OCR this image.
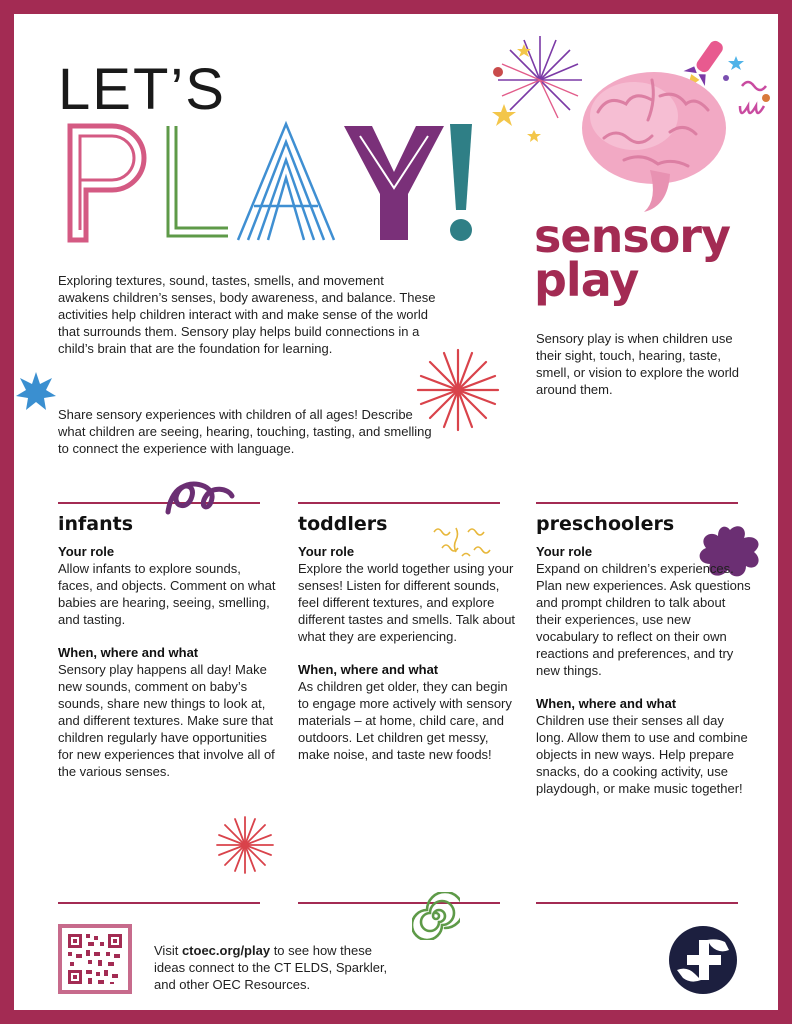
LET’S
Exploring textures, sound, tastes, smells, and movement awakens children’s senses, body awareness, and balance. These activities help children interact with and make sense of the world that surrounds them. Sensory play helps build connections in a child’s brain that are the foundation for learning.
Share sensory experiences with children of all ages! Describe what children are seeing, hearing, touching, tasting, and smelling to connect the experience with language.
sensory
play
Sensory play is when children use their sight, touch, hearing, taste, smell, or vision to explore the world around them.
infants
Your role

Allow infants to explore sounds, faces, and objects. Comment on what babies are hearing, seeing, smelling, and tasting.

When, where and what

Sensory play happens all day! Make new sounds, comment on baby’s sounds, share new things to look at, and different textures. Make sure that children regularly have opportunities for new experiences that involve all of the various senses.

toddlers
Your role

Explore the world together using your senses! Listen for different sounds, feel different textures, and explore different tastes and smells. Talk about what they are experiencing.

When, where and what

As children get older, they can begin to engage more actively with sensory materials – at home, child care, and outdoors. Let children get messy, make noise, and taste new foods!

preschoolers
Your role

Expand on children’s experiences. Plan new experiences. Ask questions and prompt children to talk about their experiences, use new vocabulary to reflect on their own reactions and preferences, and try new things.

When, where and what

Children use their senses all day long. Allow them to use and combine objects in new ways. Help prepare snacks, do a cooking activity, use playdough, or make music together!

Visit ctoec.org/play to see how these ideas connect to the CT ELDS, Sparkler, and other OEC Resources.
